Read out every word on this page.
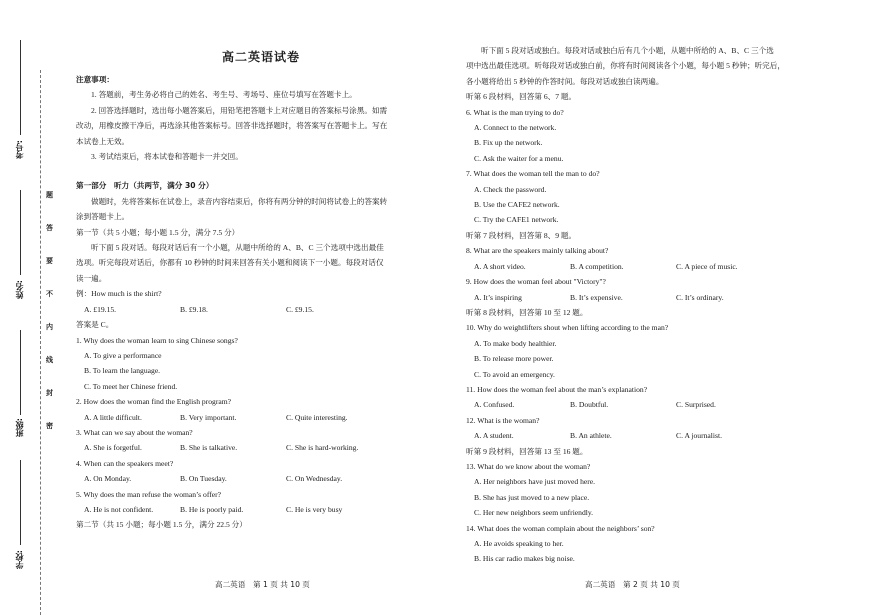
考号:
姓名:
班级:
学校:
题
答
要
不
内
线
封
密
高二英语试卷

注意事项：

1. 答题前，考生务必将自己的姓名、考生号、考场号、座位号填写在答题卡上。

2. 回答选择题时，选出每小题答案后，用铅笔把答题卡上对应题目的答案标号涂黑。如需

改动，用橡皮擦干净后，再选涂其他答案标号。回答非选择题时，将答案写在答题卡上。写在

本试卷上无效。

3. 考试结束后，将本试卷和答题卡一并交回。

第一部分　听力（共两节，满分 30 分）

做题时，先将答案标在试卷上，录音内容结束后，你将有两分钟的时间将试卷上的答案转

涂到答题卡上。

第一节（共 5 小题；每小题 1.5 分，满分 7.5 分）

听下面 5 段对话。每段对话后有一个小题，从题中所给的 A、B、C 三个选项中选出最佳

选项。听完每段对话后，你都有 10 秒钟的时间来回答有关小题和阅读下一小题。每段对话仅

读一遍。

例：How much is the shirt?

A. £19.15.	B. £9.18.	C. £9.15.

答案是 C。

1. Why does the woman learn to sing Chinese songs?

A. To give a performance

B. To learn the language.

C. To meet her Chinese friend.

2. How does the woman find the English program?

A. A little difficult.	B. Very important.	C. Quite interesting.

3. What can we say about the woman?

A. She is forgetful.	B. She is talkative.	C. She is hard-working.

4. When can the speakers meet?

A. On Monday.	B. On Tuesday.	C. On Wednesday.

5. Why does the man refuse the woman’s offer?

A. He is not confident.	B. He is poorly paid.	C. He is very busy

第二节（共 15 小题；每小题 1.5 分，满分 22.5 分）

高二英语　第 1 页 共 10 页

听下面 5 段对话或独白。每段对话或独白后有几个小题，从题中所给的 A、B、C 三个选

项中选出最佳选项。听每段对话或独白前，你将有时间阅读各个小题，每小题 5 秒钟；听完后，

各小题将给出 5 秒钟的作答时间。每段对话或独白读两遍。

听第 6 段材料，回答第 6、7 题。

6. What is the man trying to do?

A. Connect to the network.

B. Fix up the network.

C. Ask the waiter for a menu.

7. What does the woman tell the man to do?

A. Check the password.

B. Use the CAFE2 network.

C. Try the CAFE1 network.

听第 7 段材料，回答第 8、9 题。

8. What are the speakers mainly talking about?

A. A short video.	B. A competition.	C. A piece of music.

9. How does the woman feel about "Victory"?

A. It’s inspiring	B. It’s expensive.	C. It’s ordinary.

听第 8 段材料，回答第 10 至 12 题。

10. Why do weightlifters shout when lifting according to the man?

A. To make body healthier.

B. To release more power.

C. To avoid an emergency.

11. How does the woman feel about the man’s explanation?

A. Confused.	B. Doubtful.	C. Surprised.

12. What is the woman?

A. A student.	B. An athlete.	C. A journalist.

听第 9 段材料，回答第 13 至 16 题。

13. What do we know about the woman?

A. Her neighbors have just moved here.

B. She has just moved to a new place.

C. Her new neighbors seem unfriendly.

14. What does the woman complain about the neighbors’ son?

A. He avoids speaking to her.

B. His car radio makes big noise.

高二英语　第 2 页 共 10 页
